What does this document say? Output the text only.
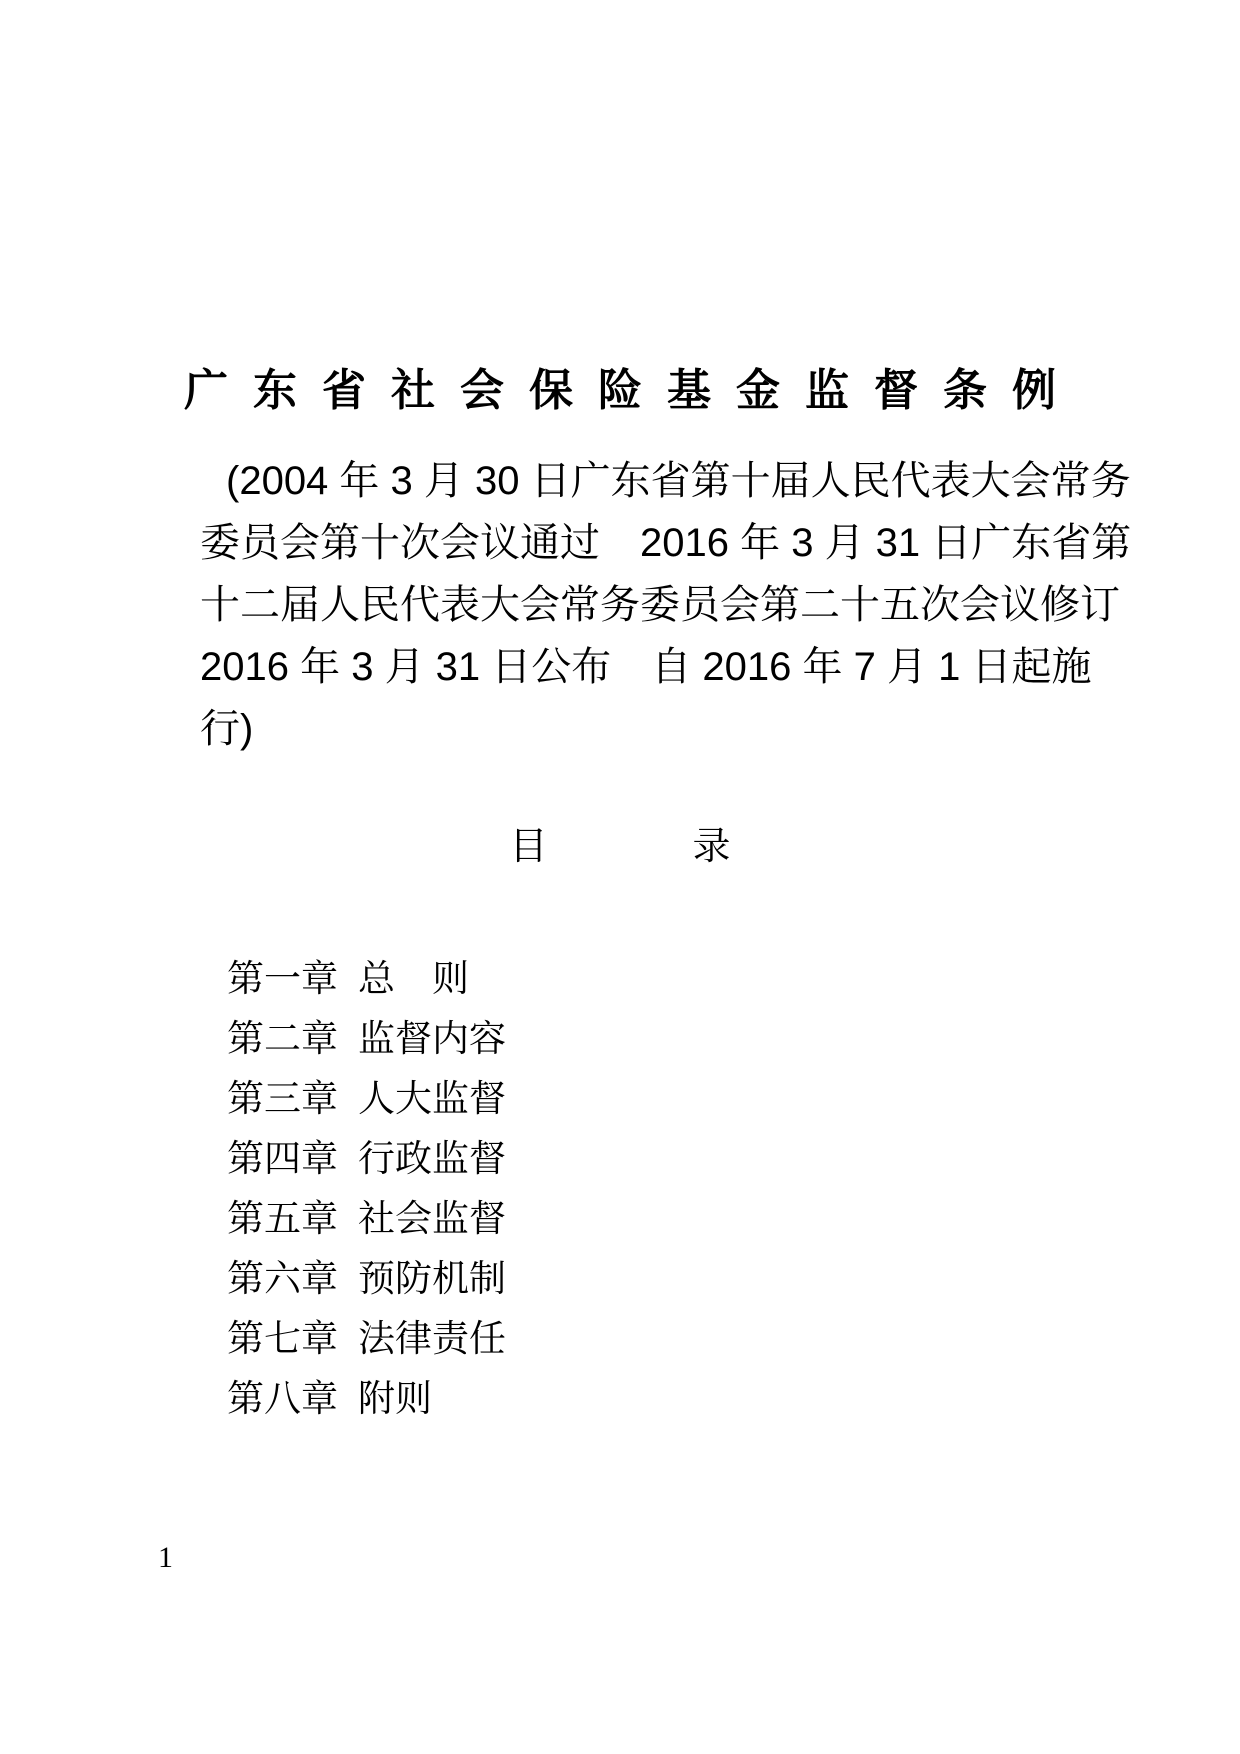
广东省社会保险基金监督条例
(2004 年 3 月 30 日广东省第十届人民代表大会常务
委员会第十次会议通过　2016 年 3 月 31 日广东省第
十二届人民代表大会常务委员会第二十五次会议修订
2016 年 3 月 31 日公布　自 2016 年 7 月 1 日起施
行)
目	录
第一章 总　则
第二章 监督内容
第三章 人大监督
第四章 行政监督
第五章 社会监督
第六章 预防机制
第七章 法律责任
第八章 附则
1
